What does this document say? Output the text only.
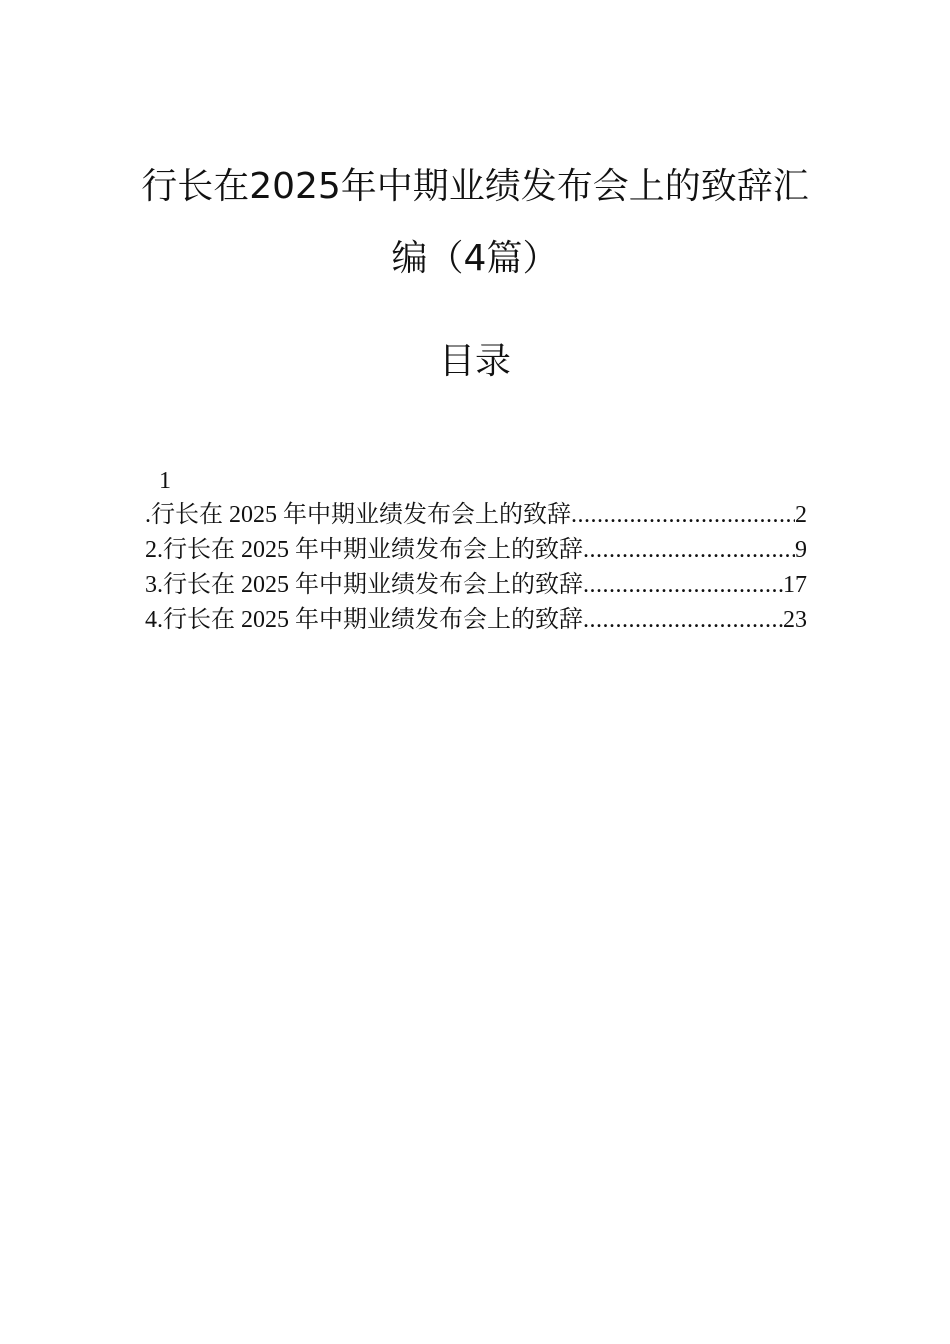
行长在2025年中期业绩发布会上的致辞汇
编（4篇）
目录
1
.行长在 2025 年中期业绩发布会上的致辞 .....	2
2.行长在 2025 年中期业绩发布会上的致辞 .....	9
3.行长在 2025 年中期业绩发布会上的致辞 .....	17
4.行长在 2025 年中期业绩发布会上的致辞 .....	23
